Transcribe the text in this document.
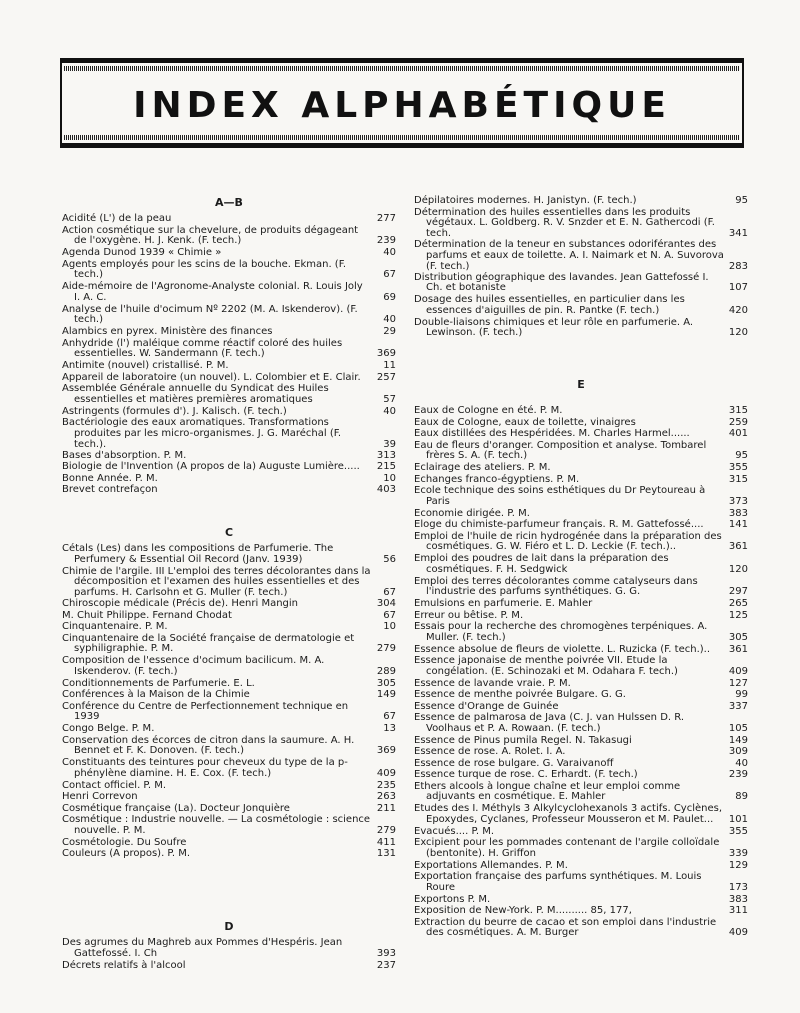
INDEX ALPHABÉTIQUE
A—B
Acidité (L') de la peau	277
Action cosmétique sur la chevelure, de produits dégageant de l'oxygène. H. J. Kenk. (F. tech.)	239
Agenda Dunod 1939 « Chimie »	40
Agents employés pour les scins de la bouche. Ekman. (F. tech.)	67
Aide-mémoire de l'Agronome-Analyste colonial. R. Louis Joly I. A. C.	69
Analyse de l'huile d'ocimum Nº 2202 (M. A. Iskenderov). (F. tech.)	40
Alambics en pyrex. Ministère des finances	29
Anhydride (l') maléique comme réactif coloré des huiles essentielles. W. Sandermann (F. tech.)	369
Antimite (nouvel) cristallisé. P. M.	11
Appareil de laboratoire (un nouvel). L. Colombier et E. Clair.	257
Assemblée Générale annuelle du Syndicat des Huiles essentielles et matières premières aromatiques	57
Astringents (formules d'). J. Kalisch. (F. tech.)	40
Bactériologie des eaux aromatiques. Transformations produites par les micro-organismes. J. G. Maréchal (F. tech.).	39
Bases d'absorption. P. M.	313
Biologie de l'Invention (A propos de la) Auguste Lumière.....	215
Bonne Année. P. M.	10
Brevet contrefaçon	403
C
Cétals (Les) dans les compositions de Parfumerie. The Perfumery & Essential Oil Record (Janv. 1939)	56
Chimie de l'argile. III L'emploi des terres décolorantes dans la décomposition et l'examen des huiles essentielles et des parfums. H. Carlsohn et G. Muller (F. tech.)	67
Chiroscopie médicale (Précis de). Henri Mangin	304
M. Chuit Philippe. Fernand Chodat	67
Cinquantenaire. P. M.	10
Cinquantenaire de la Société française de dermatologie et syphiligraphie. P. M.	279
Composition de l'essence d'ocimum bacilicum. M. A. Iskenderov. (F. tech.)	289
Conditionnements de Parfumerie. E. L.	305
Conférences à la Maison de la Chimie	149
Conférence du Centre de Perfectionnement technique en 1939	67
Congo Belge. P. M.	13
Conservation des écorces de citron dans la saumure. A. H. Bennet et F. K. Donoven. (F. tech.)	369
Constituants des teintures pour cheveux du type de la p-phénylène diamine. H. E. Cox. (F. tech.)	409
Contact officiel. P. M.	235
Henri Correvon	263
Cosmétique française (La). Docteur Jonquière	211
Cosmétique : Industrie nouvelle. — La cosmétologie : science nouvelle. P. M.	279
Cosmétologie. Du Soufre	411
Couleurs (A propos). P. M.	131
D
Des agrumes du Maghreb aux Pommes d'Hespéris. Jean Gattefossé. I. Ch	393
Décrets relatifs à l'alcool	237
Dépilatoires modernes. H. Janistyn. (F. tech.)	95
Détermination des huiles essentielles dans les produits végétaux. L. Goldberg. R. V. Snzder et E. N. Gathercodi (F. tech.	341
Détermination de la teneur en substances odoriférantes des parfums et eaux de toilette. A. I. Naimark et N. A. Suvorova (F. tech.)	283
Distribution géographique des lavandes. Jean Gattefossé I. Ch. et botaniste	107
Dosage des huiles essentielles, en particulier dans les essences d'aiguilles de pin. R. Pantke (F. tech.)	420
Double-liaisons chimiques et leur rôle en parfumerie. A. Lewinson. (F. tech.)	120
E
Eaux de Cologne en été. P. M.	315
Eaux de Cologne, eaux de toilette, vinaigres	259
Eaux distillées des Hespéridées. M. Charles Harmel......	401
Eau de fleurs d'oranger. Composition et analyse. Tombarel frères S. A. (F. tech.)	95
Eclairage des ateliers. P. M.	355
Echanges franco-égyptiens. P. M.	315
Ecole technique des soins esthétiques du Dr Peytoureau à Paris	373
Economie dirigée. P. M.	383
Eloge du chimiste-parfumeur français. R. M. Gattefossé....	141
Emploi de l'huile de ricin hydrogénée dans la préparation des cosmétiques. G. W. Fiéro et L. D. Leckie (F. tech.)..	361
Emploi des poudres de lait dans la préparation des cosmétiques. F. H. Sedgwick	120
Emploi des terres décolorantes comme catalyseurs dans l'industrie des parfums synthétiques. G. G.	297
Emulsions en parfumerie. E. Mahler	265
Erreur ou bêtise. P. M.	125
Essais pour la recherche des chromogènes terpéniques. A. Muller. (F. tech.)	305
Essence absolue de fleurs de violette. L. Ruzicka (F. tech.)..	361
Essence japonaise de menthe poivrée VII. Etude la congélation. (E. Schinozaki et M. Odahara F. tech.)	409
Essence de lavande vraie. P. M.	127
Essence de menthe poivrée Bulgare. G. G.	99
Essence d'Orange de Guinée	337
Essence de palmarosa de Java (C. J. van Hulssen D. R. Voolhaus et P. A. Rowaan. (F. tech.)	105
Essence de Pinus pumila Regel. N. Takasugi	149
Essence de rose. A. Rolet. I. A.	309
Essence de rose bulgare. G. Varaivanoff	40
Essence turque de rose. C. Erhardt. (F. tech.)	239
Ethers alcools à longue chaîne et leur emploi comme adjuvants en cosmétique. E. Mahler	89
Etudes des I. Méthyls 3 Alkylcyclohexanols 3 actifs. Cyclènes, Epoxydes, Cyclanes, Professeur Mousseron et M. Paulet...	101
Evacués.... P. M.	355
Excipient pour les pommades contenant de l'argile colloïdale (bentonite). H. Griffon	339
Exportations Allemandes. P. M.	129
Exportation française des parfums synthétiques. M. Louis Roure	173
Exportons P. M.	383
Exposition de New-York. P. M.......... 85, 177,	311
Extraction du beurre de cacao et son emploi dans l'industrie des cosmétiques. A. M. Burger	409
